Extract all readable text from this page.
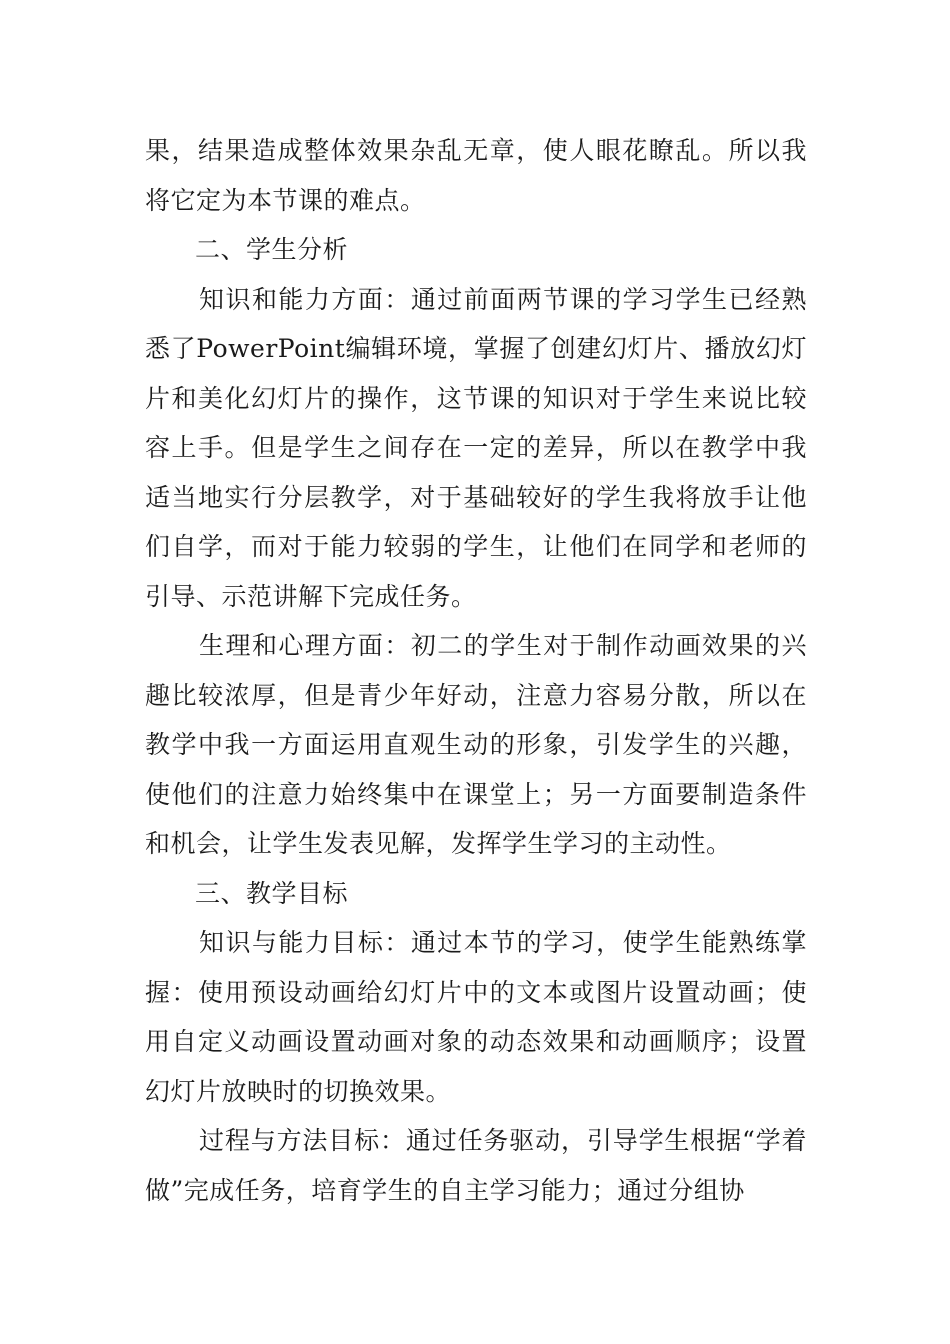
果，结果造成整体效果杂乱无章，使人眼花瞭乱。所以我将它定为本节课的难点。

二、学生分析

知识和能力方面：通过前面两节课的学习学生已经熟悉了PowerPoint编辑环境，掌握了创建幻灯片、播放幻灯片和美化幻灯片的操作，这节课的知识对于学生来说比较容上手。但是学生之间存在一定的差异，所以在教学中我适当地实行分层教学，对于基础较好的学生我将放手让他们自学，而对于能力较弱的学生，让他们在同学和老师的引导、示范讲解下完成任务。

生理和心理方面：初二的学生对于制作动画效果的兴趣比较浓厚，但是青少年好动，注意力容易分散，所以在教学中我一方面运用直观生动的形象，引发学生的兴趣，使他们的注意力始终集中在课堂上；另一方面要制造条件和机会，让学生发表见解，发挥学生学习的主动性。

三、教学目标

知识与能力目标：通过本节的学习，使学生能熟练掌握：使用预设动画给幻灯片中的文本或图片设置动画；使用自定义动画设置动画对象的动态效果和动画顺序；设置幻灯片放映时的切换效果。

过程与方法目标：通过任务驱动，引导学生根据“学着做”完成任务，培育学生的自主学习能力；通过分组协
